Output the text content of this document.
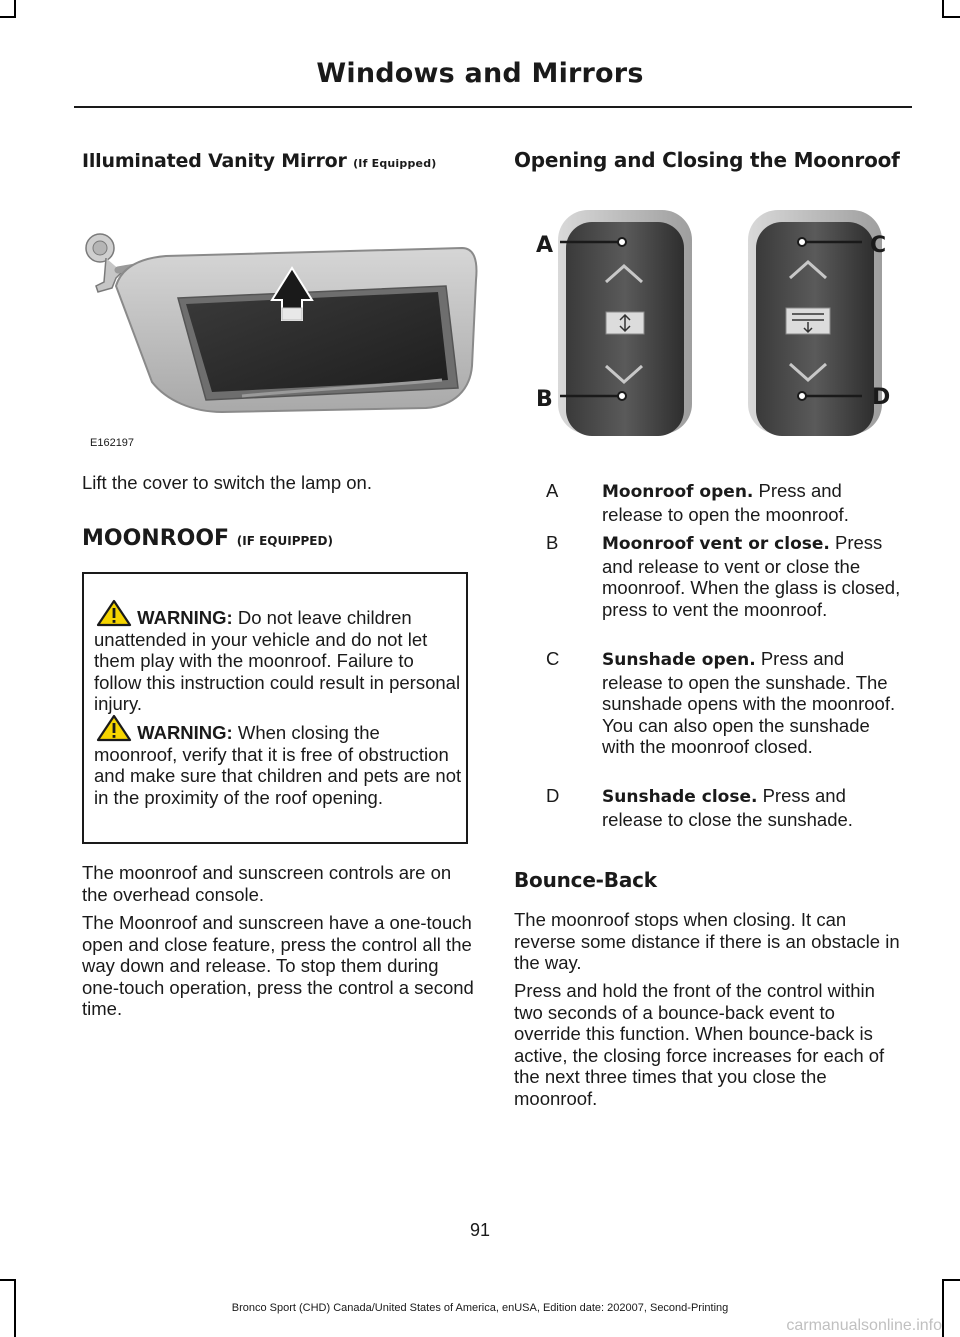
Windows and Mirrors
Illuminated Vanity Mirror (If Equipped)
E162197
Lift the cover to switch the lamp on.
MOONROOF (IF EQUIPPED)
WARNING: Do not leave children unattended in your vehicle and do not let them play with the moonroof. Failure to follow this instruction could result in personal injury.
WARNING: When closing the moonroof, verify that it is free of obstruction and make sure that children and pets are not in the proximity of the roof opening.
The moonroof and sunscreen controls are on the overhead console.
The Moonroof and sunscreen have a one-touch open and close feature, press the control all the way down and release. To stop them during one-touch operation, press the control a second time.
Opening and Closing the Moonroof
A
B
C
D
A	Moonroof open. Press and release to open the moonroof.
B	Moonroof vent or close. Press and release to vent or close the moonroof. When the glass is closed, press to vent the moonroof.
C	Sunshade open. Press and release to open the sunshade. The sunshade opens with the moonroof. You can also open the sunshade with the moonroof closed.
D	Sunshade close. Press and release to close the sunshade.
Bounce-Back
The moonroof stops when closing. It can reverse some distance if there is an obstacle in the way.
Press and hold the front of the control within two seconds of a bounce-back event to override this function. When bounce-back is active, the closing force increases for each of the next three times that you close the moonroof.
91
Bronco Sport (CHD) Canada/United States of America, enUSA, Edition date: 202007, Second-Printing
carmanualsonline.info
